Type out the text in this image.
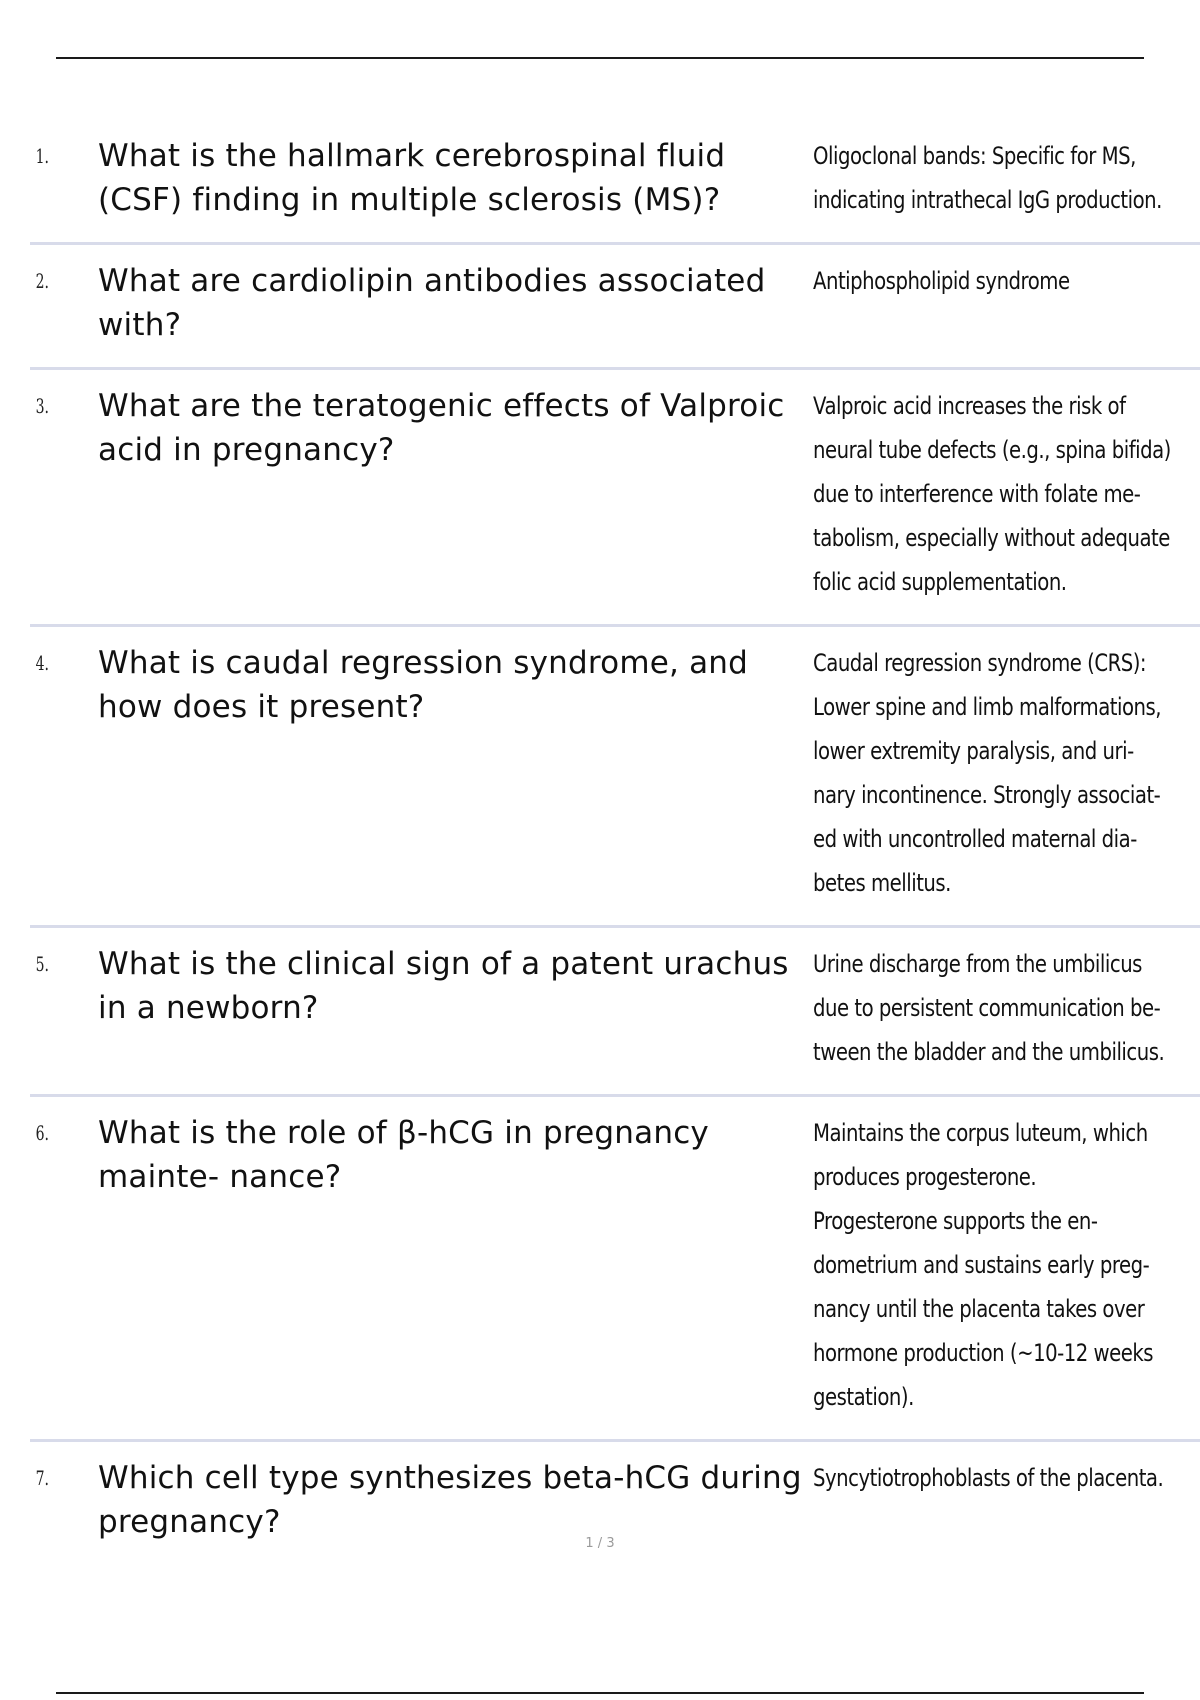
1.	What is the hallmark cerebrospinal fluid (CSF) finding in multiple sclerosis (MS)?
Oligoclonal bands: Specific for MS,
indicating intrathecal IgG production.
2.	What are cardiolipin antibodies associated with?
Antiphospholipid syndrome
3.	What are the teratogenic effects of Valproic acid in pregnancy?
Valproic acid increases the risk of
neural tube defects (e.g., spina bifida)
due to interference with folate me-
tabolism, especially without adequate
folic acid supplementation.
4.	What is caudal regression syndrome, and how does it present?
Caudal regression syndrome (CRS):
Lower spine and limb malformations,
lower extremity paralysis, and uri-
nary incontinence. Strongly associat-
ed with uncontrolled maternal dia-
betes mellitus.
5.	What is the clinical sign of a patent urachus in a newborn?
Urine discharge from the umbilicus
due to persistent communication be-
tween the bladder and the umbilicus.
6.	What is the role of β-hCG in pregnancy mainte- nance?
Maintains the corpus luteum, which
produces progesterone.
Progesterone supports the en-
dometrium and sustains early preg-
nancy until the placenta takes over
hormone production (~10-12 weeks
gestation).
7.	Which cell type synthesizes beta-hCG during pregnancy?
Syncytiotrophoblasts of the placenta.
1 / 3
